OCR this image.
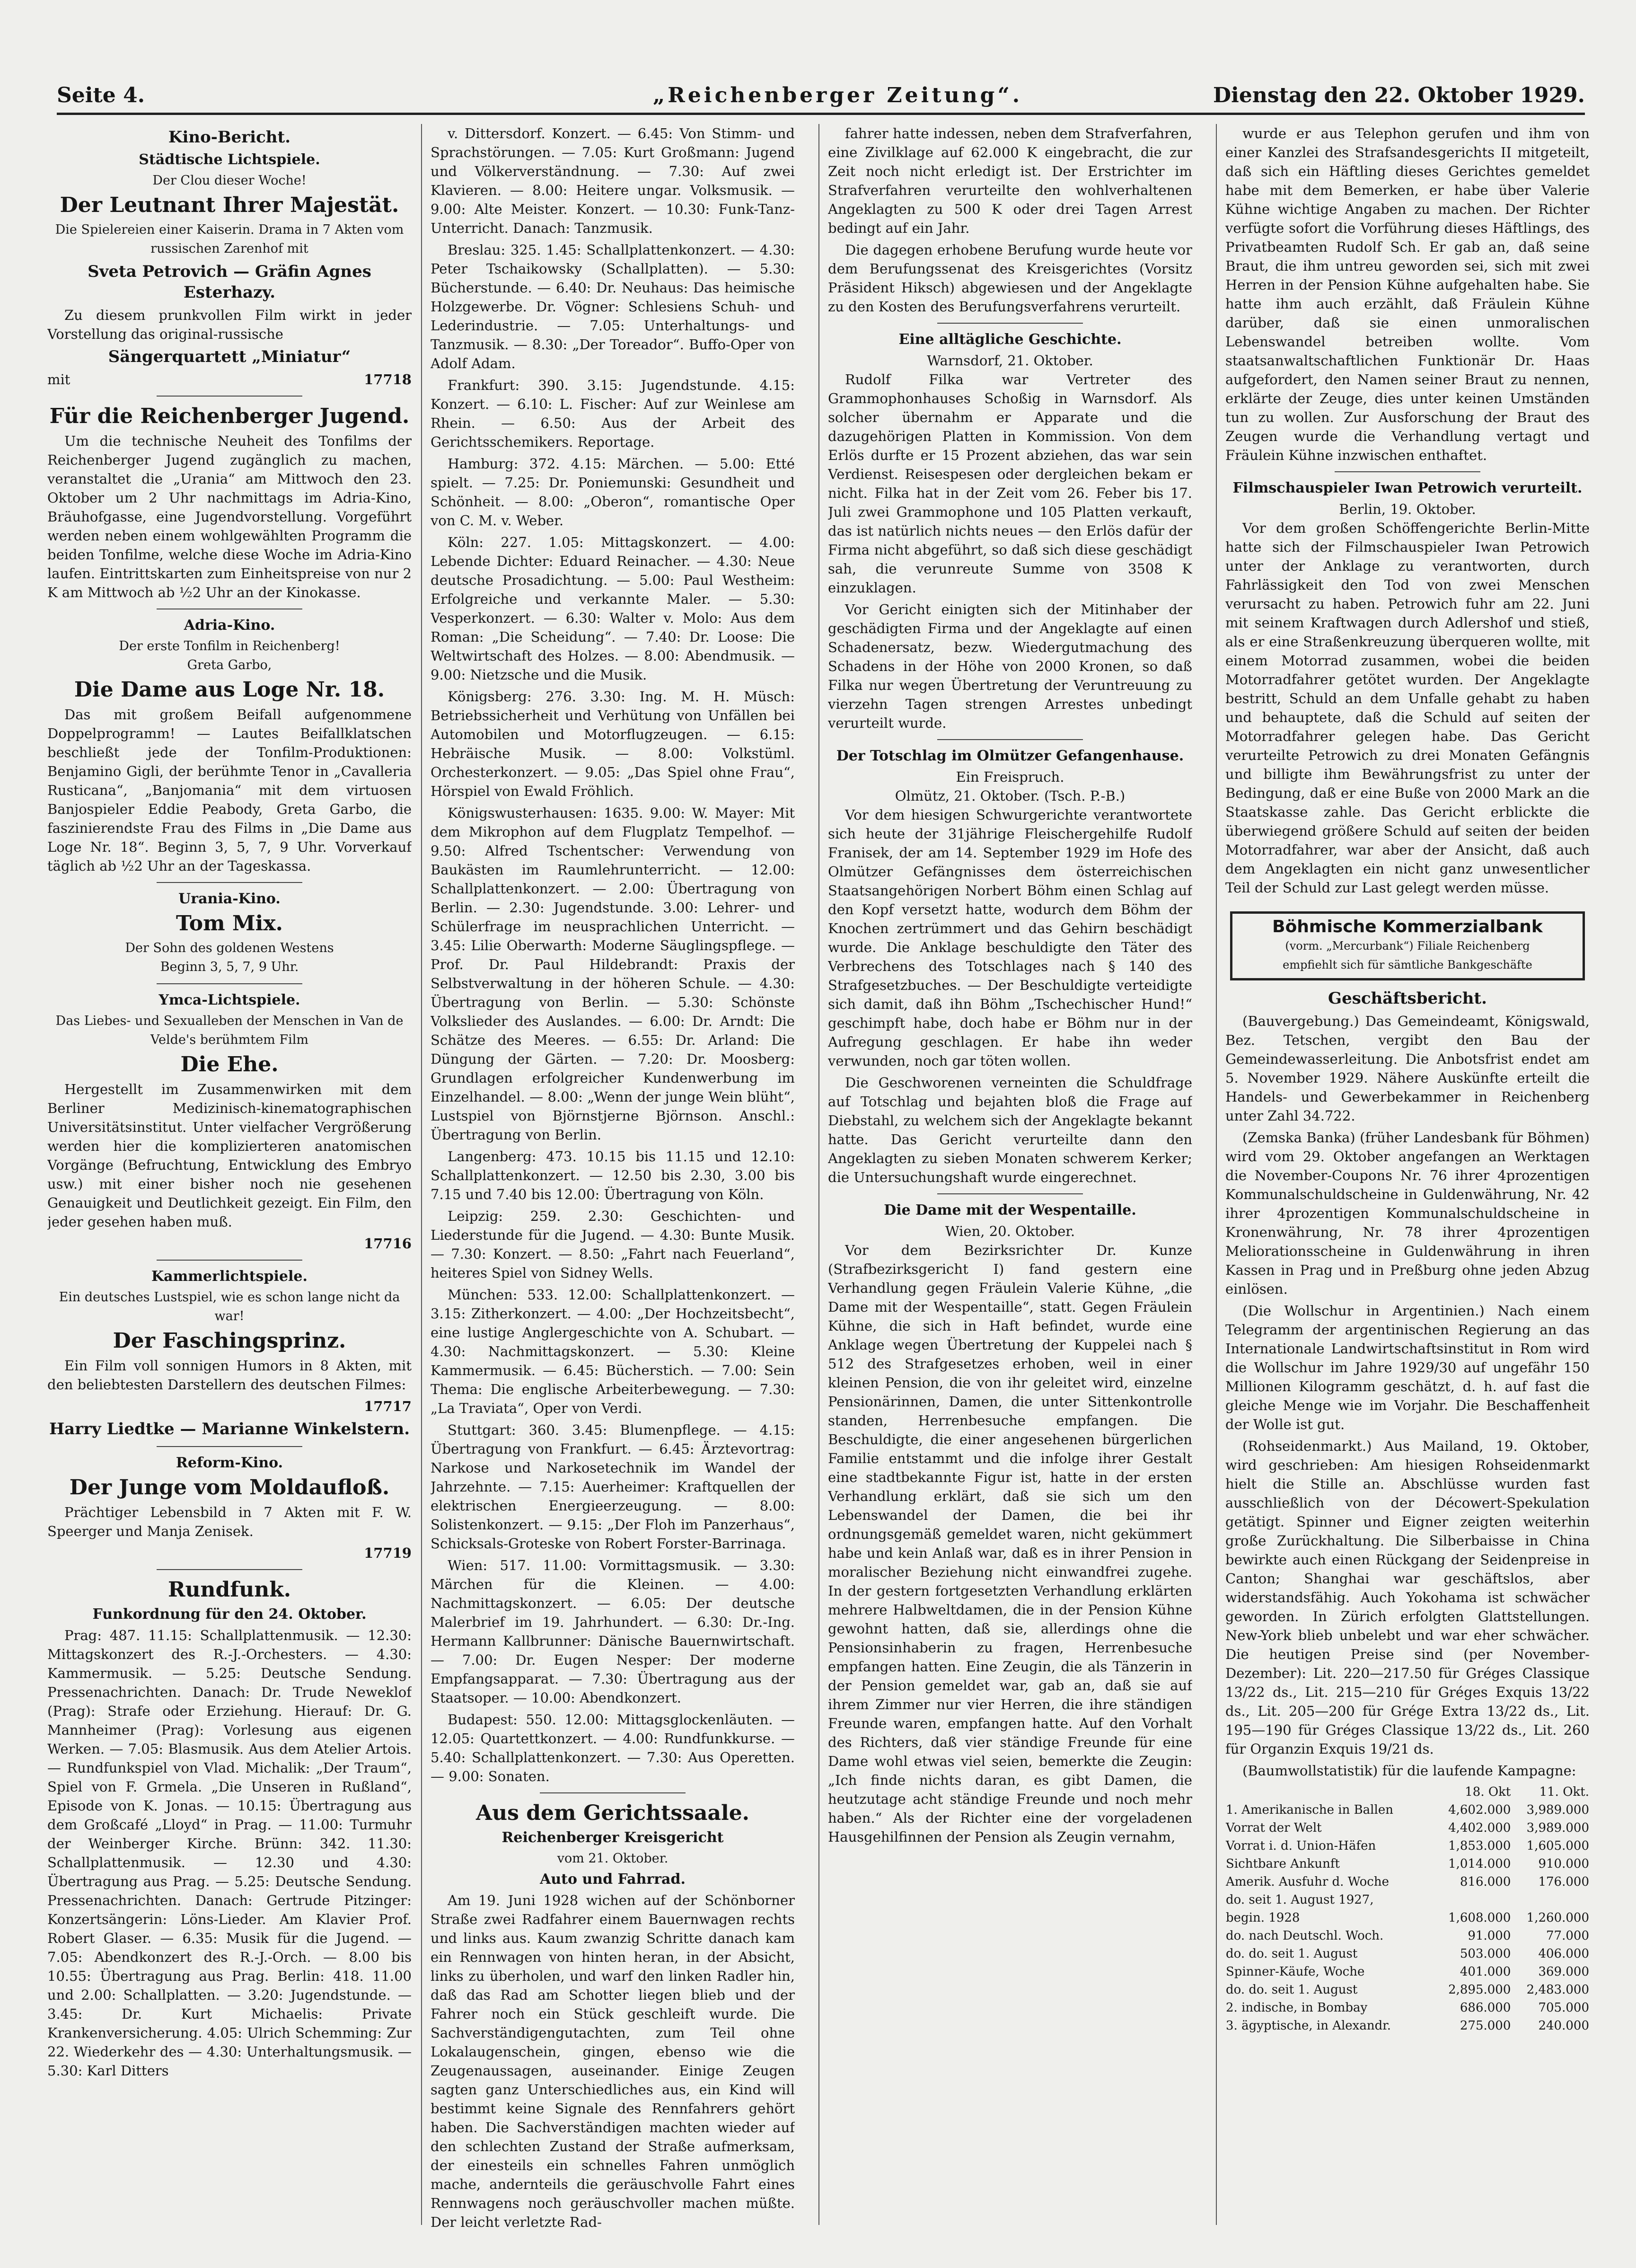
Seite 4.	„Reichenberger Zeitung“.	Dienstag den 22. Oktober 1929.
Kino-Bericht.
Städtische Lichtspiele.
Der Clou dieser Woche!
Der Leutnant Ihrer Majestät.
Die Spielereien einer Kaiserin. Drama in 7 Akten vom russischen Zarenhof mit
Sveta Petrovich — Gräfin Agnes Esterhazy.

Zu diesem prunkvollen Film wirkt in jeder Vorstellung das original-russische

Sängerquartett „Miniatur“
mit	17718
Für die Reichenberger Jugend.

Um die technische Neuheit des Tonfilms der Reichenberger Jugend zugänglich zu machen, veranstaltet die „Urania“ am Mittwoch den 23. Oktober um 2 Uhr nachmittags im Adria-Kino, Bräuhofgasse, eine Jugendvorstellung. Vorgeführt werden neben einem wohlgewählten Programm die beiden Tonfilme, welche diese Woche im Adria-Kino laufen. Eintrittskarten zum Einheitspreise von nur 2 K am Mittwoch ab ½2 Uhr an der Kinokasse.

Adria-Kino.
Der erste Tonfilm in Reichenberg!
Greta Garbo,
Die Dame aus Loge Nr. 18.

Das mit großem Beifall aufgenommene Doppelprogramm! — Lautes Beifallklatschen beschließt jede der Tonfilm-Produktionen: Benjamino Gigli, der berühmte Tenor in „Cavalleria Rusticana“, „Banjomania“ mit dem virtuosen Banjospieler Eddie Peabody, Greta Garbo, die faszinierendste Frau des Films in „Die Dame aus Loge Nr. 18“. Beginn 3, 5, 7, 9 Uhr. Vorverkauf täglich ab ½2 Uhr an der Tageskassa.

Urania-Kino.
Tom Mix.
Der Sohn des goldenen Westens
Beginn 3, 5, 7, 9 Uhr.
Ymca-Lichtspiele.
Das Liebes- und Sexualleben der Menschen in Van de Velde's berühmtem Film
Die Ehe.

Hergestellt im Zusammenwirken mit dem Berliner Medizinisch-kinematographischen Universitätsinstitut. Unter vielfacher Vergrößerung werden hier die komplizierteren anatomischen Vorgänge (Befruchtung, Entwicklung des Embryo usw.) mit einer bisher noch nie gesehenen Genauigkeit und Deutlichkeit gezeigt. Ein Film, den jeder gesehen haben muß.

17716
Kammerlichtspiele.
Ein deutsches Lustspiel, wie es schon lange nicht da war!
Der Faschingsprinz.

Ein Film voll sonnigen Humors in 8 Akten, mit den beliebtesten Darstellern des deutschen Filmes:

17717
Harry Liedtke — Marianne Winkelstern.
Reform-Kino.
Der Junge vom Moldaufloß.

Prächtiger Lebensbild in 7 Akten mit F. W. Speerger und Manja Zenisek.

17719
Rundfunk.
Funkordnung für den 24. Oktober.

Prag: 487. 11.15: Schallplattenmusik. — 12.30: Mittagskonzert des R.-J.-Orchesters. — 4.30: Kammermusik. — 5.25: Deutsche Sendung. Pressenachrichten. Danach: Dr. Trude Neweklof (Prag): Strafe oder Erziehung. Hierauf: Dr. G. Mannheimer (Prag): Vorlesung aus eigenen Werken. — 7.05: Blasmusik. Aus dem Atelier Artois. — Rundfunkspiel von Vlad. Michalik: „Der Traum“, Spiel von F. Grmela. „Die Unseren in Rußland“, Episode von K. Jonas. — 10.15: Übertragung aus dem Großcafé „Lloyd“ in Prag. — 11.00: Turmuhr der Weinberger Kirche. Brünn: 342. 11.30: Schallplattenmusik. — 12.30 und 4.30: Übertragung aus Prag. — 5.25: Deutsche Sendung. Pressenachrichten. Danach: Gertrude Pitzinger: Konzertsängerin: Löns-Lieder. Am Klavier Prof. Robert Glaser. — 6.35: Musik für die Jugend. — 7.05: Abendkonzert des R.-J.-Orch. — 8.00 bis 10.55: Übertragung aus Prag. Berlin: 418. 11.00 und 2.00: Schallplatten. — 3.20: Jugendstunde. — 3.45: Dr. Kurt Michaelis: Private Krankenversicherung. 4.05: Ulrich Schemming: Zur 22. Wiederkehr des — 4.30: Unterhaltungsmusik. — 5.30: Karl Ditters

v. Dittersdorf. Konzert. — 6.45: Von Stimm- und Sprachstörungen. — 7.05: Kurt Großmann: Jugend und Völkerverständnung. — 7.30: Auf zwei Klavieren. — 8.00: Heitere ungar. Volksmusik. — 9.00: Alte Meister. Konzert. — 10.30: Funk-Tanz-Unterricht. Danach: Tanzmusik.

Breslau: 325. 1.45: Schallplattenkonzert. — 4.30: Peter Tschaikowsky (Schallplatten). — 5.30: Bücherstunde. — 6.40: Dr. Neuhaus: Das heimische Holzgewerbe. Dr. Vögner: Schlesiens Schuh- und Lederindustrie. — 7.05: Unterhaltungs- und Tanzmusik. — 8.30: „Der Toreador“. Buffo-Oper von Adolf Adam.

Frankfurt: 390. 3.15: Jugendstunde. 4.15: Konzert. — 6.10: L. Fischer: Auf zur Weinlese am Rhein. — 6.50: Aus der Arbeit des Gerichtsschemikers. Reportage.

Hamburg: 372. 4.15: Märchen. — 5.00: Etté spielt. — 7.25: Dr. Poniemunski: Gesundheit und Schönheit. — 8.00: „Oberon“, romantische Oper von C. M. v. Weber.

Köln: 227. 1.05: Mittagskonzert. — 4.00: Lebende Dichter: Eduard Reinacher. — 4.30: Neue deutsche Prosadichtung. — 5.00: Paul Westheim: Erfolgreiche und verkannte Maler. — 5.30: Vesperkonzert. — 6.30: Walter v. Molo: Aus dem Roman: „Die Scheidung“. — 7.40: Dr. Loose: Die Weltwirtschaft des Holzes. — 8.00: Abendmusik. — 9.00: Nietzsche und die Musik.

Königsberg: 276. 3.30: Ing. M. H. Müsch: Betriebssicherheit und Verhütung von Unfällen bei Automobilen und Motorflugzeugen. — 6.15: Hebräische Musik. — 8.00: Volkstüml. Orchesterkonzert. — 9.05: „Das Spiel ohne Frau“, Hörspiel von Ewald Fröhlich.

Königswusterhausen: 1635. 9.00: W. Mayer: Mit dem Mikrophon auf dem Flugplatz Tempelhof. — 9.50: Alfred Tschentscher: Verwendung von Baukästen im Raumlehrunterricht. — 12.00: Schallplattenkonzert. — 2.00: Übertragung von Berlin. — 2.30: Jugendstunde. 3.00: Lehrer- und Schülerfrage im neusprachlichen Unterricht. — 3.45: Lilie Oberwarth: Moderne Säuglingspflege. — Prof. Dr. Paul Hildebrandt: Praxis der Selbstverwaltung in der höheren Schule. — 4.30: Übertragung von Berlin. — 5.30: Schönste Volkslieder des Auslandes. — 6.00: Dr. Arndt: Die Schätze des Meeres. — 6.55: Dr. Arland: Die Düngung der Gärten. — 7.20: Dr. Moosberg: Grundlagen erfolgreicher Kundenwerbung im Einzelhandel. — 8.00: „Wenn der junge Wein blüht“, Lustspiel von Björnstjerne Björnson. Anschl.: Übertragung von Berlin.

Langenberg: 473. 10.15 bis 11.15 und 12.10: Schallplattenkonzert. — 12.50 bis 2.30, 3.00 bis 7.15 und 7.40 bis 12.00: Übertragung von Köln.

Leipzig: 259. 2.30: Geschichten- und Liederstunde für die Jugend. — 4.30: Bunte Musik. — 7.30: Konzert. — 8.50: „Fahrt nach Feuerland“, heiteres Spiel von Sidney Wells.

München: 533. 12.00: Schallplattenkonzert. — 3.15: Zitherkonzert. — 4.00: „Der Hochzeitsbecht“, eine lustige Anglergeschichte von A. Schubart. — 4.30: Nachmittagskonzert. — 5.30: Kleine Kammermusik. — 6.45: Bücherstich. — 7.00: Sein Thema: Die englische Arbeiterbewegung. — 7.30: „La Traviata“, Oper von Verdi.

Stuttgart: 360. 3.45: Blumenpflege. — 4.15: Übertragung von Frankfurt. — 6.45: Ärztevortrag: Narkose und Narkosetechnik im Wandel der Jahrzehnte. — 7.15: Auerheimer: Kraftquellen der elektrischen Energieerzeugung. — 8.00: Solistenkonzert. — 9.15: „Der Floh im Panzerhaus“, Schicksals-Groteske von Robert Forster-Barrinaga.

Wien: 517. 11.00: Vormittagsmusik. — 3.30: Märchen für die Kleinen. — 4.00: Nachmittagskonzert. — 6.05: Der deutsche Malerbrief im 19. Jahrhundert. — 6.30: Dr.-Ing. Hermann Kallbrunner: Dänische Bauernwirtschaft. — 7.00: Dr. Eugen Nesper: Der moderne Empfangsapparat. — 7.30: Übertragung aus der Staatsoper. — 10.00: Abendkonzert.

Budapest: 550. 12.00: Mittagsglockenläuten. — 12.05: Quartettkonzert. — 4.00: Rundfunkkurse. — 5.40: Schallplattenkonzert. — 7.30: Aus Operetten. — 9.00: Sonaten.

Aus dem Gerichtssaale.
Reichenberger Kreisgericht
vom 21. Oktober.
Auto und Fahrrad.

Am 19. Juni 1928 wichen auf der Schönborner Straße zwei Radfahrer einem Bauernwagen rechts und links aus. Kaum zwanzig Schritte danach kam ein Rennwagen von hinten heran, in der Absicht, links zu überholen, und warf den linken Radler hin, daß das Rad am Schotter liegen blieb und der Fahrer noch ein Stück geschleift wurde. Die Sachverständigengutachten, zum Teil ohne Lokalaugenschein, gingen, ebenso wie die Zeugenaussagen, auseinander. Einige Zeugen sagten ganz Unterschiedliches aus, ein Kind will bestimmt keine Signale des Rennfahrers gehört haben. Die Sachverständigen machten wieder auf den schlechten Zustand der Straße aufmerksam, der einesteils ein schnelles Fahren unmöglich mache, andernteils die geräuschvolle Fahrt eines Rennwagens noch geräuschvoller machen müßte. Der leicht verletzte Rad-

fahrer hatte indessen, neben dem Strafverfahren, eine Zivilklage auf 62.000 K eingebracht, die zur Zeit noch nicht erledigt ist. Der Erstrichter im Strafverfahren verurteilte den wohlverhaltenen Angeklagten zu 500 K oder drei Tagen Arrest bedingt auf ein Jahr.

Die dagegen erhobene Berufung wurde heute vor dem Berufungssenat des Kreisgerichtes (Vorsitz Präsident Hiksch) abgewiesen und der Angeklagte zu den Kosten des Berufungsverfahrens verurteilt.

Eine alltägliche Geschichte.
Warnsdorf, 21. Oktober.

Rudolf Filka war Vertreter des Grammophonhauses Schoßig in Warnsdorf. Als solcher übernahm er Apparate und die dazugehörigen Platten in Kommission. Von dem Erlös durfte er 15 Prozent abziehen, das war sein Verdienst. Reisespesen oder dergleichen bekam er nicht. Filka hat in der Zeit vom 26. Feber bis 17. Juli zwei Grammophone und 105 Platten verkauft, das ist natürlich nichts neues — den Erlös dafür der Firma nicht abgeführt, so daß sich diese geschädigt sah, die verunreute Summe von 3508 K einzuklagen.

Vor Gericht einigten sich der Mitinhaber der geschädigten Firma und der Angeklagte auf einen Schadenersatz, bezw. Wiedergutmachung des Schadens in der Höhe von 2000 Kronen, so daß Filka nur wegen Übertretung der Veruntreuung zu vierzehn Tagen strengen Arrestes unbedingt verurteilt wurde.

Der Totschlag im Olmützer Gefangenhause.
Ein Freispruch.
Olmütz, 21. Oktober. (Tsch. P.-B.)

Vor dem hiesigen Schwurgerichte verantwortete sich heute der 31jährige Fleischergehilfe Rudolf Franisek, der am 14. September 1929 im Hofe des Olmützer Gefängnisses dem österreichischen Staatsangehörigen Norbert Böhm einen Schlag auf den Kopf versetzt hatte, wodurch dem Böhm der Knochen zertrümmert und das Gehirn beschädigt wurde. Die Anklage beschuldigte den Täter des Verbrechens des Totschlages nach § 140 des Strafgesetzbuches. — Der Beschuldigte verteidigte sich damit, daß ihn Böhm „Tschechischer Hund!“ geschimpft habe, doch habe er Böhm nur in der Aufregung geschlagen. Er habe ihn weder verwunden, noch gar töten wollen.

Die Geschworenen verneinten die Schuldfrage auf Totschlag und bejahten bloß die Frage auf Diebstahl, zu welchem sich der Angeklagte bekannt hatte. Das Gericht verurteilte dann den Angeklagten zu sieben Monaten schwerem Kerker; die Untersuchungshaft wurde eingerechnet.

Die Dame mit der Wespentaille.
Wien, 20. Oktober.

Vor dem Bezirksrichter Dr. Kunze (Strafbezirksgericht I) fand gestern eine Verhandlung gegen Fräulein Valerie Kühne, „die Dame mit der Wespentaille“, statt. Gegen Fräulein Kühne, die sich in Haft befindet, wurde eine Anklage wegen Übertretung der Kuppelei nach § 512 des Strafgesetzes erhoben, weil in einer kleinen Pension, die von ihr geleitet wird, einzelne Pensionärinnen, Damen, die unter Sittenkontrolle standen, Herrenbesuche empfangen. Die Beschuldigte, die einer angesehenen bürgerlichen Familie entstammt und die infolge ihrer Gestalt eine stadtbekannte Figur ist, hatte in der ersten Verhandlung erklärt, daß sie sich um den Lebenswandel der Damen, die bei ihr ordnungsgemäß gemeldet waren, nicht gekümmert habe und kein Anlaß war, daß es in ihrer Pension in moralischer Beziehung nicht einwandfrei zugehe. In der gestern fortgesetzten Verhandlung erklärten mehrere Halbweltdamen, die in der Pension Kühne gewohnt hatten, daß sie, allerdings ohne die Pensionsinhaberin zu fragen, Herrenbesuche empfangen hatten. Eine Zeugin, die als Tänzerin in der Pension gemeldet war, gab an, daß sie auf ihrem Zimmer nur vier Herren, die ihre ständigen Freunde waren, empfangen hatte. Auf den Vorhalt des Richters, daß vier ständige Freunde für eine Dame wohl etwas viel seien, bemerkte die Zeugin: „Ich finde nichts daran, es gibt Damen, die heutzutage acht ständige Freunde und noch mehr haben.“ Als der Richter eine der vorgeladenen Hausgehilfinnen der Pension als Zeugin vernahm,

wurde er aus Telephon gerufen und ihm von einer Kanzlei des Strafsandesgerichts II mitgeteilt, daß sich ein Häftling dieses Gerichtes gemeldet habe mit dem Bemerken, er habe über Valerie Kühne wichtige Angaben zu machen. Der Richter verfügte sofort die Vorführung dieses Häftlings, des Privatbeamten Rudolf Sch. Er gab an, daß seine Braut, die ihm untreu geworden sei, sich mit zwei Herren in der Pension Kühne aufgehalten habe. Sie hatte ihm auch erzählt, daß Fräulein Kühne darüber, daß sie einen unmoralischen Lebenswandel betreiben wollte. Vom staatsanwaltschaftlichen Funktionär Dr. Haas aufgefordert, den Namen seiner Braut zu nennen, erklärte der Zeuge, dies unter keinen Umständen tun zu wollen. Zur Ausforschung der Braut des Zeugen wurde die Verhandlung vertagt und Fräulein Kühne inzwischen enthaftet.

Filmschauspieler Iwan Petrowich verurteilt.
Berlin, 19. Oktober.

Vor dem großen Schöffengerichte Berlin-Mitte hatte sich der Filmschauspieler Iwan Petrowich unter der Anklage zu verantworten, durch Fahrlässigkeit den Tod von zwei Menschen verursacht zu haben. Petrowich fuhr am 22. Juni mit seinem Kraftwagen durch Adlershof und stieß, als er eine Straßenkreuzung überqueren wollte, mit einem Motorrad zusammen, wobei die beiden Motorradfahrer getötet wurden. Der Angeklagte bestritt, Schuld an dem Unfalle gehabt zu haben und behauptete, daß die Schuld auf seiten der Motorradfahrer gelegen habe. Das Gericht verurteilte Petrowich zu drei Monaten Gefängnis und billigte ihm Bewährungsfrist zu unter der Bedingung, daß er eine Buße von 2000 Mark an die Staatskasse zahle. Das Gericht erblickte die überwiegend größere Schuld auf seiten der beiden Motorradfahrer, war aber der Ansicht, daß auch dem Angeklagten ein nicht ganz unwesentlicher Teil der Schuld zur Last gelegt werden müsse.

Böhmische Kommerzialbank
(vorm. „Mercurbank“) Filiale Reichenberg
empfiehlt sich für sämtliche Bankgeschäfte
Geschäftsbericht.

(Bauvergebung.) Das Gemeindeamt, Königswald, Bez. Tetschen, vergibt den Bau der Gemeindewasserleitung. Die Anbotsfrist endet am 5. November 1929. Nähere Auskünfte erteilt die Handels- und Gewerbekammer in Reichenberg unter Zahl 34.722.

(Zemska Banka) (früher Landesbank für Böhmen) wird vom 29. Oktober angefangen an Werktagen die November-Coupons Nr. 76 ihrer 4prozentigen Kommunalschuldscheine in Guldenwährung, Nr. 42 ihrer 4prozentigen Kommunalschuldscheine in Kronenwährung, Nr. 78 ihrer 4prozentigen Meliorationsscheine in Guldenwährung in ihren Kassen in Prag und in Preßburg ohne jeden Abzug einlösen.

(Die Wollschur in Argentinien.) Nach einem Telegramm der argentinischen Regierung an das Internationale Landwirtschaftsinstitut in Rom wird die Wollschur im Jahre 1929/30 auf ungefähr 150 Millionen Kilogramm geschätzt, d. h. auf fast die gleiche Menge wie im Vorjahr. Die Beschaffenheit der Wolle ist gut.

(Rohseidenmarkt.) Aus Mailand, 19. Oktober, wird geschrieben: Am hiesigen Rohseidenmarkt hielt die Stille an. Abschlüsse wurden fast ausschließlich von der Décowert-Spekulation getätigt. Spinner und Eigner zeigten weiterhin große Zurückhaltung. Die Silberbaisse in China bewirkte auch einen Rückgang der Seidenpreise in Canton; Shanghai war geschäftslos, aber widerstandsfähig. Auch Yokohama ist schwächer geworden. In Zürich erfolgten Glattstellungen. New-York blieb unbelebt und war eher schwächer. Die heutigen Preise sind (per November-Dezember): Lit. 220—217.50 für Gréges Classique 13/22 ds., Lit. 215—210 für Gréges Exquis 13/22 ds., Lit. 205—200 für Grége Extra 13/22 ds., Lit. 195—190 für Gréges Classique 13/22 ds., Lit. 260 für Organzin Exquis 19/21 ds.

(Baumwollstatistik) für die laufende Kampagne:

	18. Okt	11. Okt.
1. Amerikanische in Ballen	4,602.000	3,989.000
Vorrat der Welt	4,402.000	3,989.000
Vorrat i. d. Union-Häfen	1,853.000	1,605.000
Sichtbare Ankunft	1,014.000	910.000
Amerik. Ausfuhr d. Woche	816.000	176.000
do. seit 1. August 1927,		
begin. 1928	1,608.000	1,260.000
do. nach Deutschl. Woch.	91.000	77.000
do. do. seit 1. August	503.000	406.000
Spinner-Käufe, Woche	401.000	369.000
do. do. seit 1. August	2,895.000	2,483.000
2. indische, in Bombay	686.000	705.000
3. ägyptische, in Alexandr.	275.000	240.000
